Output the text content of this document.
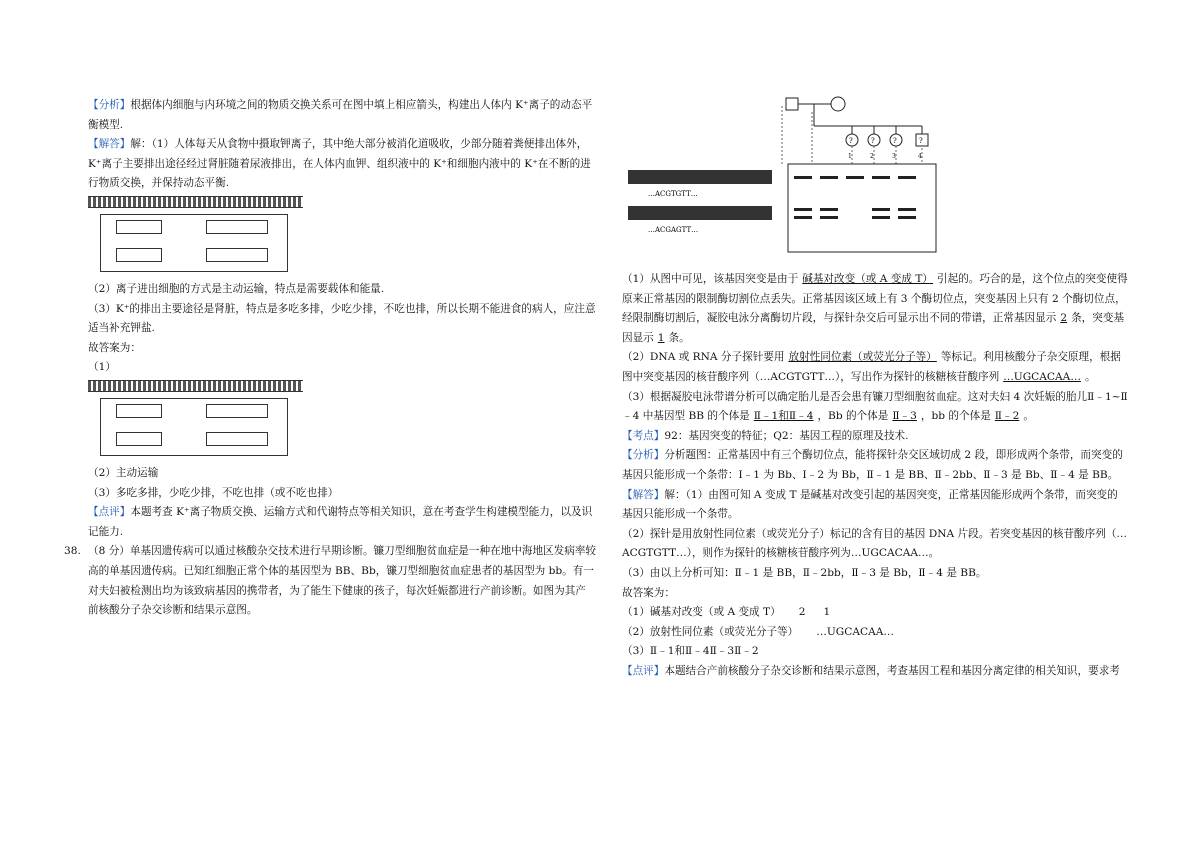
【分析】根据体内细胞与内环境之间的物质交换关系可在图中填上相应箭头，构建出人体内 K⁺离子的动态平衡模型.

【解答】解：（1）人体每天从食物中摄取钾离子，其中绝大部分被消化道吸收，少部分随着粪便排出体外，K⁺离子主要排出途径经过肾脏随着尿液排出，在人体内血钾、组织液中的 K⁺和细胞内液中的 K⁺在不断的进行物质交换，并保持动态平衡.

（2）离子进出细胞的方式是主动运输，特点是需要载体和能量.

（3）K⁺的排出主要途径是肾脏，特点是多吃多排，少吃少排，不吃也排，所以长期不能进食的病人，应注意适当补充钾盐.

故答案为：

（1）

（2）主动运输

（3）多吃多排，少吃少排，不吃也排（或不吃也排）

【点评】本题考查 K⁺离子物质交换、运输方式和代谢特点等相关知识，意在考查学生构建模型能力，以及识记能力.

38. （8 分）单基因遗传病可以通过核酸杂交技术进行早期诊断。镰刀型细胞贫血症是一种在地中海地区发病率较高的单基因遗传病。已知红细胞正常个体的基因型为 BB、Bb，镰刀型细胞贫血症患者的基因型为 bb。有一对夫妇被检测出均为该致病基因的携带者，为了能生下健康的孩子，每次妊娠都进行产前诊断。如图为其产前核酸分子杂交诊断和结果示意图。

?	?	?	?
1	2	3	4
…ACGTGTT…
…ACGAGTT…

（1）从图中可见，该基因突变是由于 碱基对改变（或 A 变成 T） 引起的。巧合的是，这个位点的突变使得原来正常基因的限制酶切割位点丢失。正常基因该区域上有 3 个酶切位点，突变基因上只有 2 个酶切位点，经限制酶切割后，凝胶电泳分离酶切片段，与探针杂交后可显示出不同的带谱，正常基因显示 2 条，突变基因显示 1 条。

（2）DNA 或 RNA 分子探针要用 放射性同位素（或荧光分子等） 等标记。利用核酸分子杂交原理，根据图中突变基因的核苷酸序列（…ACGTGTT…），写出作为探针的核糖核苷酸序列 …UGCACAA… 。

（3）根据凝胶电泳带谱分析可以确定胎儿是否会患有镰刀型细胞贫血症。这对夫妇 4 次妊娠的胎儿Ⅱ﹣1~Ⅱ﹣4 中基因型 BB 的个体是 Ⅱ﹣1和Ⅱ﹣4 ，Bb 的个体是 Ⅱ﹣3 ，bb 的个体是 Ⅱ﹣2 。

【考点】92：基因突变的特征；Q2：基因工程的原理及技术.

【分析】分析题图：正常基因中有三个酶切位点，能将探针杂交区域切成 2 段，即形成两个条带，而突变的基因只能形成一个条带：Ⅰ﹣1 为 Bb、Ⅰ﹣2 为 Bb，Ⅱ﹣1 是 BB、Ⅱ﹣2bb、Ⅱ﹣3 是 Bb、Ⅱ﹣4 是 BB。

【解答】解：（1）由图可知 A 变成 T 是碱基对改变引起的基因突变，正常基因能形成两个条带，而突变的基因只能形成一个条带。

（2）探针是用放射性同位素（或荧光分子）标记的含有目的基因 DNA 片段。若突变基因的核苷酸序列（…ACGTGTT…），则作为探针的核糖核苷酸序列为…UGCACAA…。

（3）由以上分析可知：Ⅱ﹣1 是 BB，Ⅱ﹣2bb，Ⅱ﹣3 是 Bb，Ⅱ﹣4 是 BB。

故答案为：

（1）碱基对改变（或 A 变成 T） 2 1

（2）放射性同位素（或荧光分子等） …UGCACAA…

（3）Ⅱ﹣1和Ⅱ﹣4Ⅱ﹣3Ⅱ﹣2

【点评】本题结合产前核酸分子杂交诊断和结果示意图，考查基因工程和基因分离定律的相关知识，要求考
